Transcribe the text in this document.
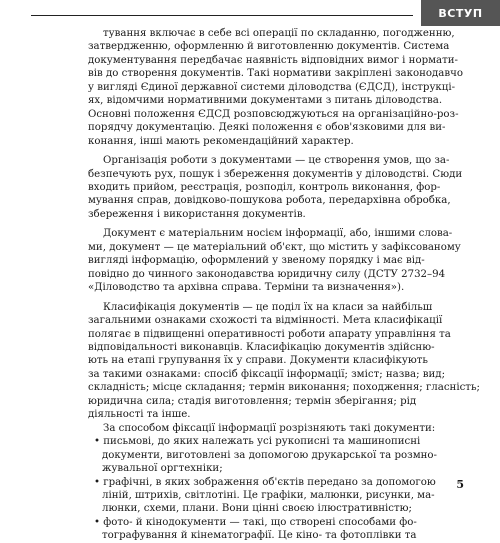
ВСТУП
тування включає в себе всі операції по складанню, погодженню,
затвердженню, оформленню й виготовленню документів. Система
документування передбачає наявність відповідних вимог і нормати-
вів до створення документів. Такі нормативи закріплені законодавчо
у вигляді Єдиної державної системи діловодства (ЄДСД), інструкці-
ях, відомчими нормативними документами з питань діловодства.
Основні положення ЄДСД розповсюджуються на організаційно-роз-
порядчу документацію. Деякі положення є обов'язковими для ви-
конання, інші мають рекомендаційний характер.
Організація роботи з документами — це створення умов, що за-
безпечують рух, пошук і збереження документів у діловодстві. Сюди
входить прийом, реєстрація, розподіл, контроль виконання, фор-
мування справ, довідково-пошукова робота, передархівна обробка,
збереження і використання документів.
Документ є матеріальним носієм інформації, або, іншими слова-
ми, документ — це матеріальний об'єкт, що містить у зафіксованому
вигляді інформацію, оформлений у звеному порядку і має від-
повідно до чинного законодавства юридичну силу (ДСТУ 2732–94
«Діловодство та архівна справа. Терміни та визначення»).
Класифікація документів — це поділ їх на класи за найбільш
загальними ознаками схожості та відмінності. Мета класифікації
полягає в підвищенні оперативності роботи апарату управління та
відповідальності виконавців. Класифікацію документів здійсню-
ють на етапі групування їх у справи. Документи класифікують
за такими ознаками: спосіб фіксації інформації; зміст; назва; вид;
складність; місце складання; термін виконання; походження; гласність;
юридична сила; стадія виготовлення; термін зберігання; рід
діяльності та інше.
За способом фіксації інформації розрізняють такі документи:
• письмові, до яких належать усі рукописні та машинописні
документи, виготовлені за допомогою друкарської та розмно-
жувальної оргтехніки;
• графічні, в яких зображення об'єктів передано за допомогою
ліній, штрихів, світлотіні. Це графіки, малюнки, рисунки, ма-
люнки, схеми, плани. Вони цінні своєю ілюстративністю;
• фото- й кінодокументи — такі, що створені способами фо-
тографування й кінематографії. Це кіно- та фотоплівки та
5
